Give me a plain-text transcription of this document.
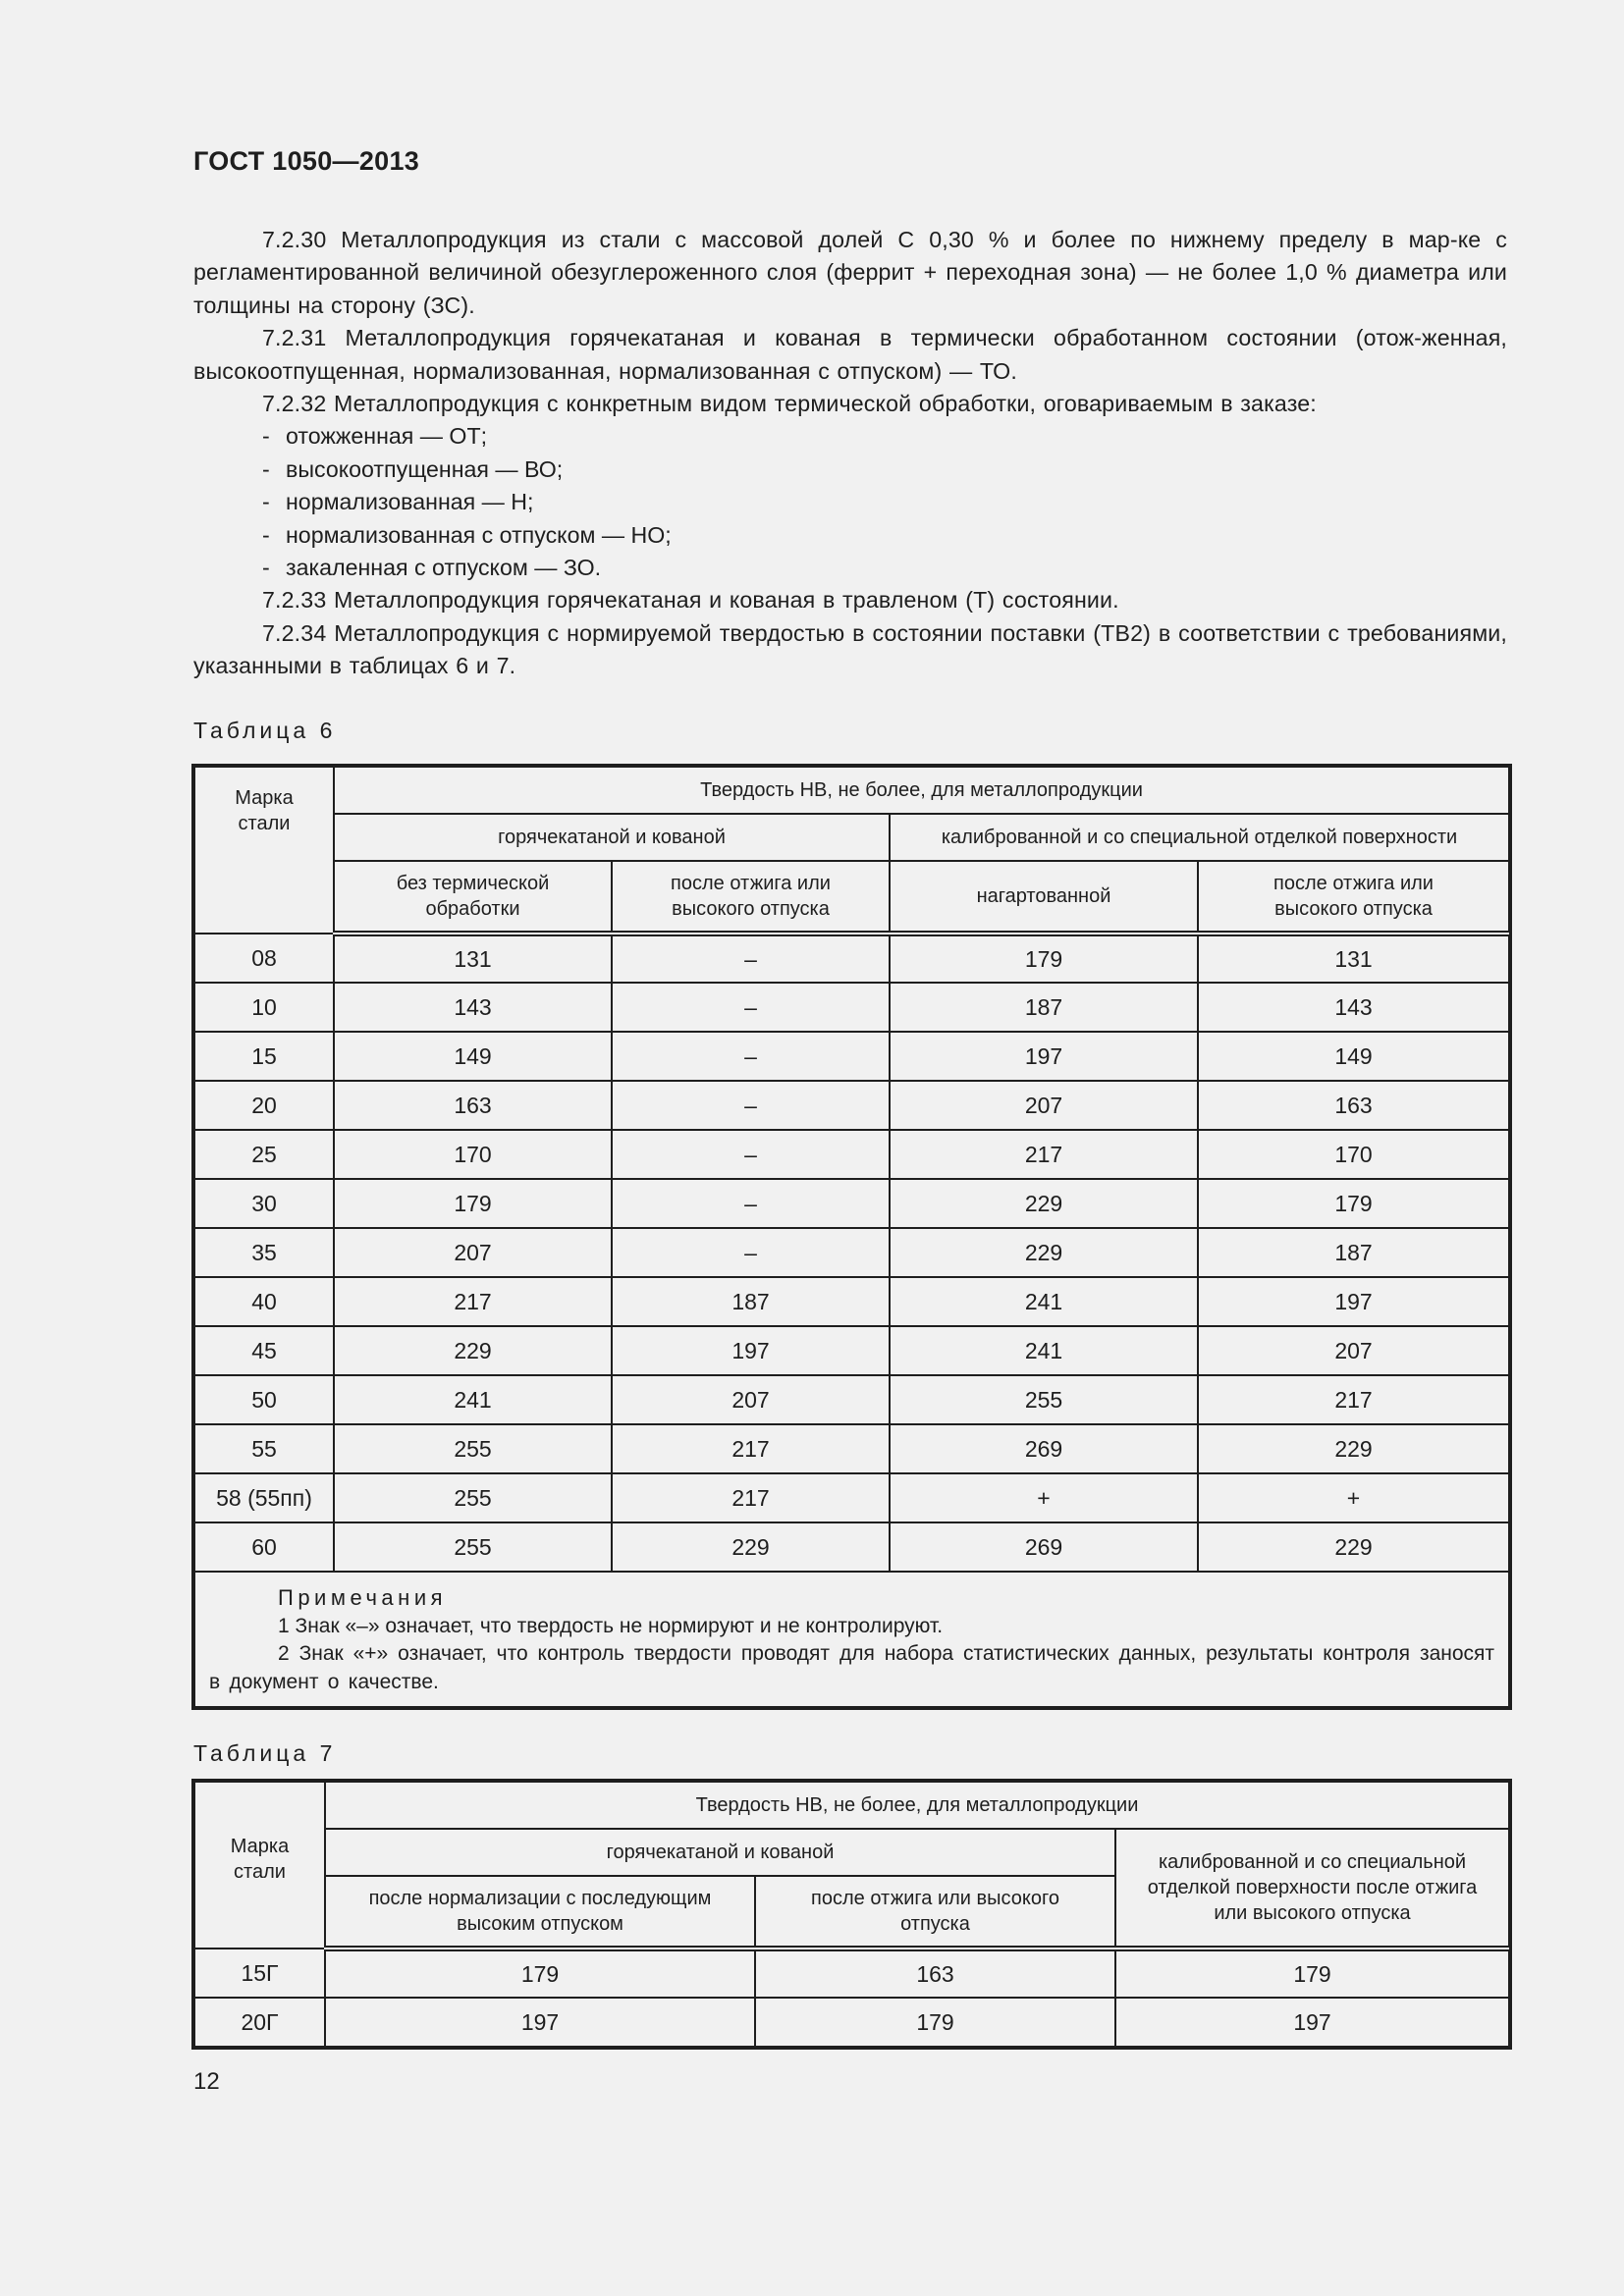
ГОСТ 1050—2013

7.2.30 Металлопродукция из стали с массовой долей С 0,30 % и более по нижнему пределу в мар-ке с регламентированной величиной обезуглероженного слоя (феррит + переходная зона) — не более 1,0 % диаметра или толщины на сторону (ЗС).

7.2.31 Металлопродукция горячекатаная и кованая в термически обработанном состоянии (отож-женная, высокоотпущенная, нормализованная, нормализованная с отпуском) — ТО.

7.2.32 Металлопродукция с конкретным видом термической обработки, оговариваемым в заказе:

- отожженная — ОТ;

- высокоотпущенная — ВО;

- нормализованная — Н;

- нормализованная с отпуском — НО;

- закаленная с отпуском — ЗО.

7.2.33 Металлопродукция горячекатаная и кованая в травленом (Т) состоянии.

7.2.34 Металлопродукция с нормируемой твердостью в состоянии поставки (ТВ2) в соответствии с требованиями, указанными в таблицах 6 и 7.

Таблица 6
Марка стали	Твердость НВ, не более, для металлопродукции			
	горячекатаной и кованой		калиброванной и со специальной отделкой поверхности	

	без термической обработки	после отжига или высокого отпуска	нагартованной	после отжига или высокого отпуска

08	131	–	179	131
10	143	–	187	143
15	149	–	197	149
20	163	–	207	163
25	170	–	217	170
30	179	–	229	179
35	207	–	229	187
40	217	187	241	197
45	229	197	241	207
50	241	207	255	217
55	255	217	269	229
58 (55пп)	255	217	+	+
60	255	229	269	229

Примечания
1 Знак «–» означает, что твердость не нормируют и не контролируют.
2 Знак «+» означает, что контроль твердости проводят для набора статистических данных, результаты контроля заносят в документ о качестве.				
Таблица 7
Марка стали	Твердость НВ, не более, для металлопродукции		
	горячекатаной и кованой		калиброванной и со специальной отделкой поверхности после отжига или высокого отпуска

	после нормализации с последующим высоким отпуском	после отжига или высокого отпуска	

15Г	179	163	179
20Г	197	179	197
12
